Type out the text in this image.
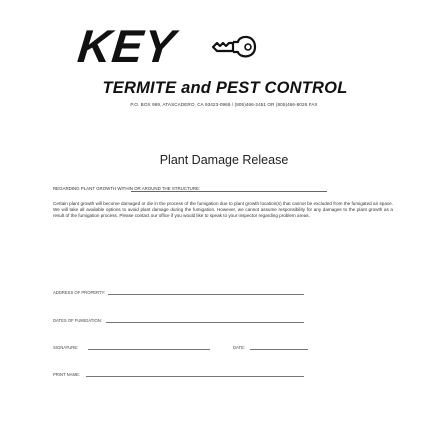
KEY
TERMITE and PEST CONTROL
P.O. BOX 969, ATASCADERO, CA 93423-0969 / (805)466-2451 OR (805)466-8026 FAX
Plant Damage Release
REGARDING PLANT GROWTH WITHIN OR AROUND THE STRUCTURE:
Certain plant growth will become damaged or die in the process of the fumigation due to plant growth location(s) that cannot be excluded from the fumigated air space. We will take all available options to avoid plant damage during the fumigation. However, we cannot assume responsibility for any damages to the plant growth as a result of the fumigation process. Please contact our office if you would like to speak to your inspector regarding problem areas.
ADDRESS OF PROPERTY:
DATES OF FUMIGATION:
SIGNATURE:	DATE:
PRINT NAME:
